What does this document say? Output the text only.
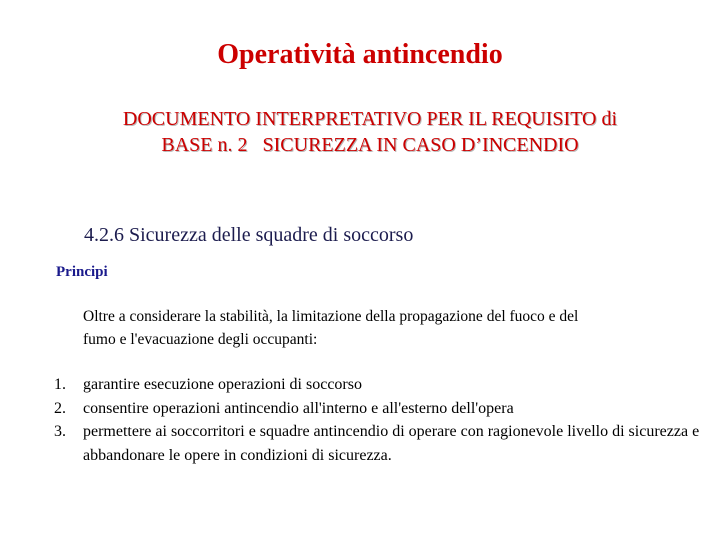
Operatività antincendio
DOCUMENTO INTERPRETATIVO PER IL REQUISITO di
BASE n. 2   SICUREZZA IN CASO D’INCENDIO
4.2.6 Sicurezza delle squadre di soccorso
Principi
Oltre a considerare la stabilità, la limitazione della propagazione del fuoco e del
fumo e l'evacuazione degli occupanti:
1.	garantire esecuzione operazioni di soccorso
2.	consentire operazioni antincendio all'interno e all'esterno dell'opera
3.	permettere ai soccorritori e squadre antincendio di operare con ragionevole livello di sicurezza e abbandonare le opere in condizioni di sicurezza.
